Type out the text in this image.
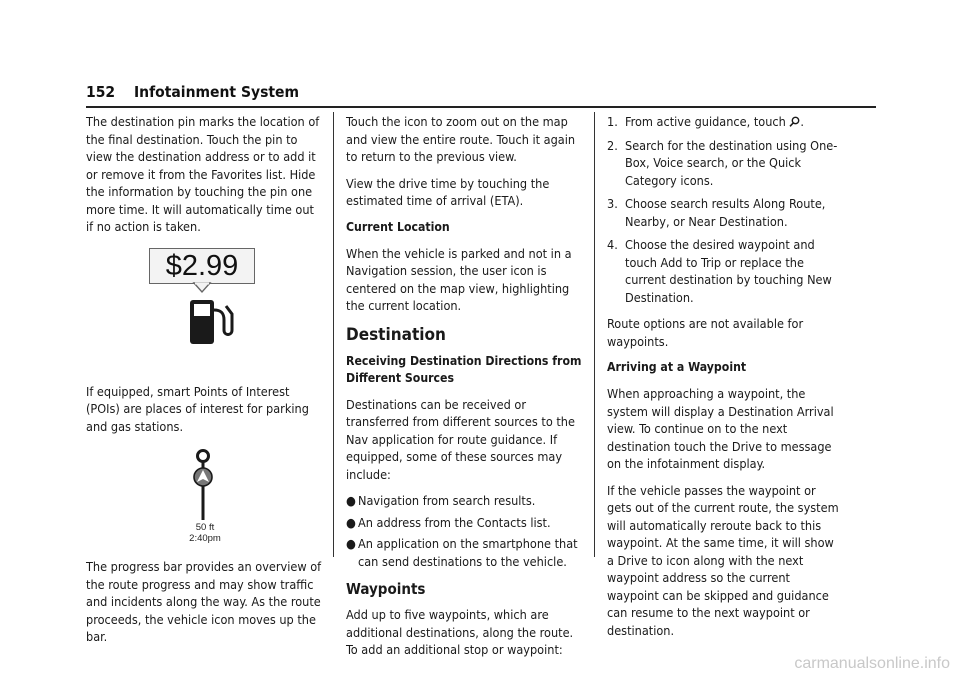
152 Infotainment System

The destination pin marks the location of the final destination. Touch the pin to view the destination address or to add it or remove it from the Favorites list. Hide the information by touching the pin one more time. It will automatically time out if no action is taken.

$2.99

If equipped, smart Points of Interest (POIs) are places of interest for parking and gas stations.

50 ft
2:40pm

The progress bar provides an overview of the route progress and may show traffic and incidents along the way. As the route proceeds, the vehicle icon moves up the bar.

Touch the icon to zoom out on the map and view the entire route. Touch it again to return to the previous view.

View the drive time by touching the estimated time of arrival (ETA).

Current Location

When the vehicle is parked and not in a Navigation session, the user icon is centered on the map view, highlighting the current location.

Destination
Receiving Destination Directions from Different Sources

Destinations can be received or transferred from different sources to the Nav application for route guidance. If equipped, some of these sources may include:

● Navigation from search results.
● An address from the Contacts list.
● An application on the smartphone that can send destinations to the vehicle.
Waypoints

Add up to five waypoints, which are additional destinations, along the route. To add an additional stop or waypoint:

1. From active guidance, touch .
2. Search for the destination using One-Box, Voice search, or the Quick Category icons.
3. Choose search results Along Route, Nearby, or Near Destination.
4. Choose the desired waypoint and touch Add to Trip or replace the current destination by touching New Destination.

Route options are not available for waypoints.

Arriving at a Waypoint

When approaching a waypoint, the system will display a Destination Arrival view. To continue on to the next destination touch the Drive to message on the infotainment display.

If the vehicle passes the waypoint or gets out of the current route, the system will automatically reroute back to this waypoint. At the same time, it will show a Drive to icon along with the next waypoint address so the current waypoint can be skipped and guidance can resume to the next waypoint or destination.

carmanualsonline.info
